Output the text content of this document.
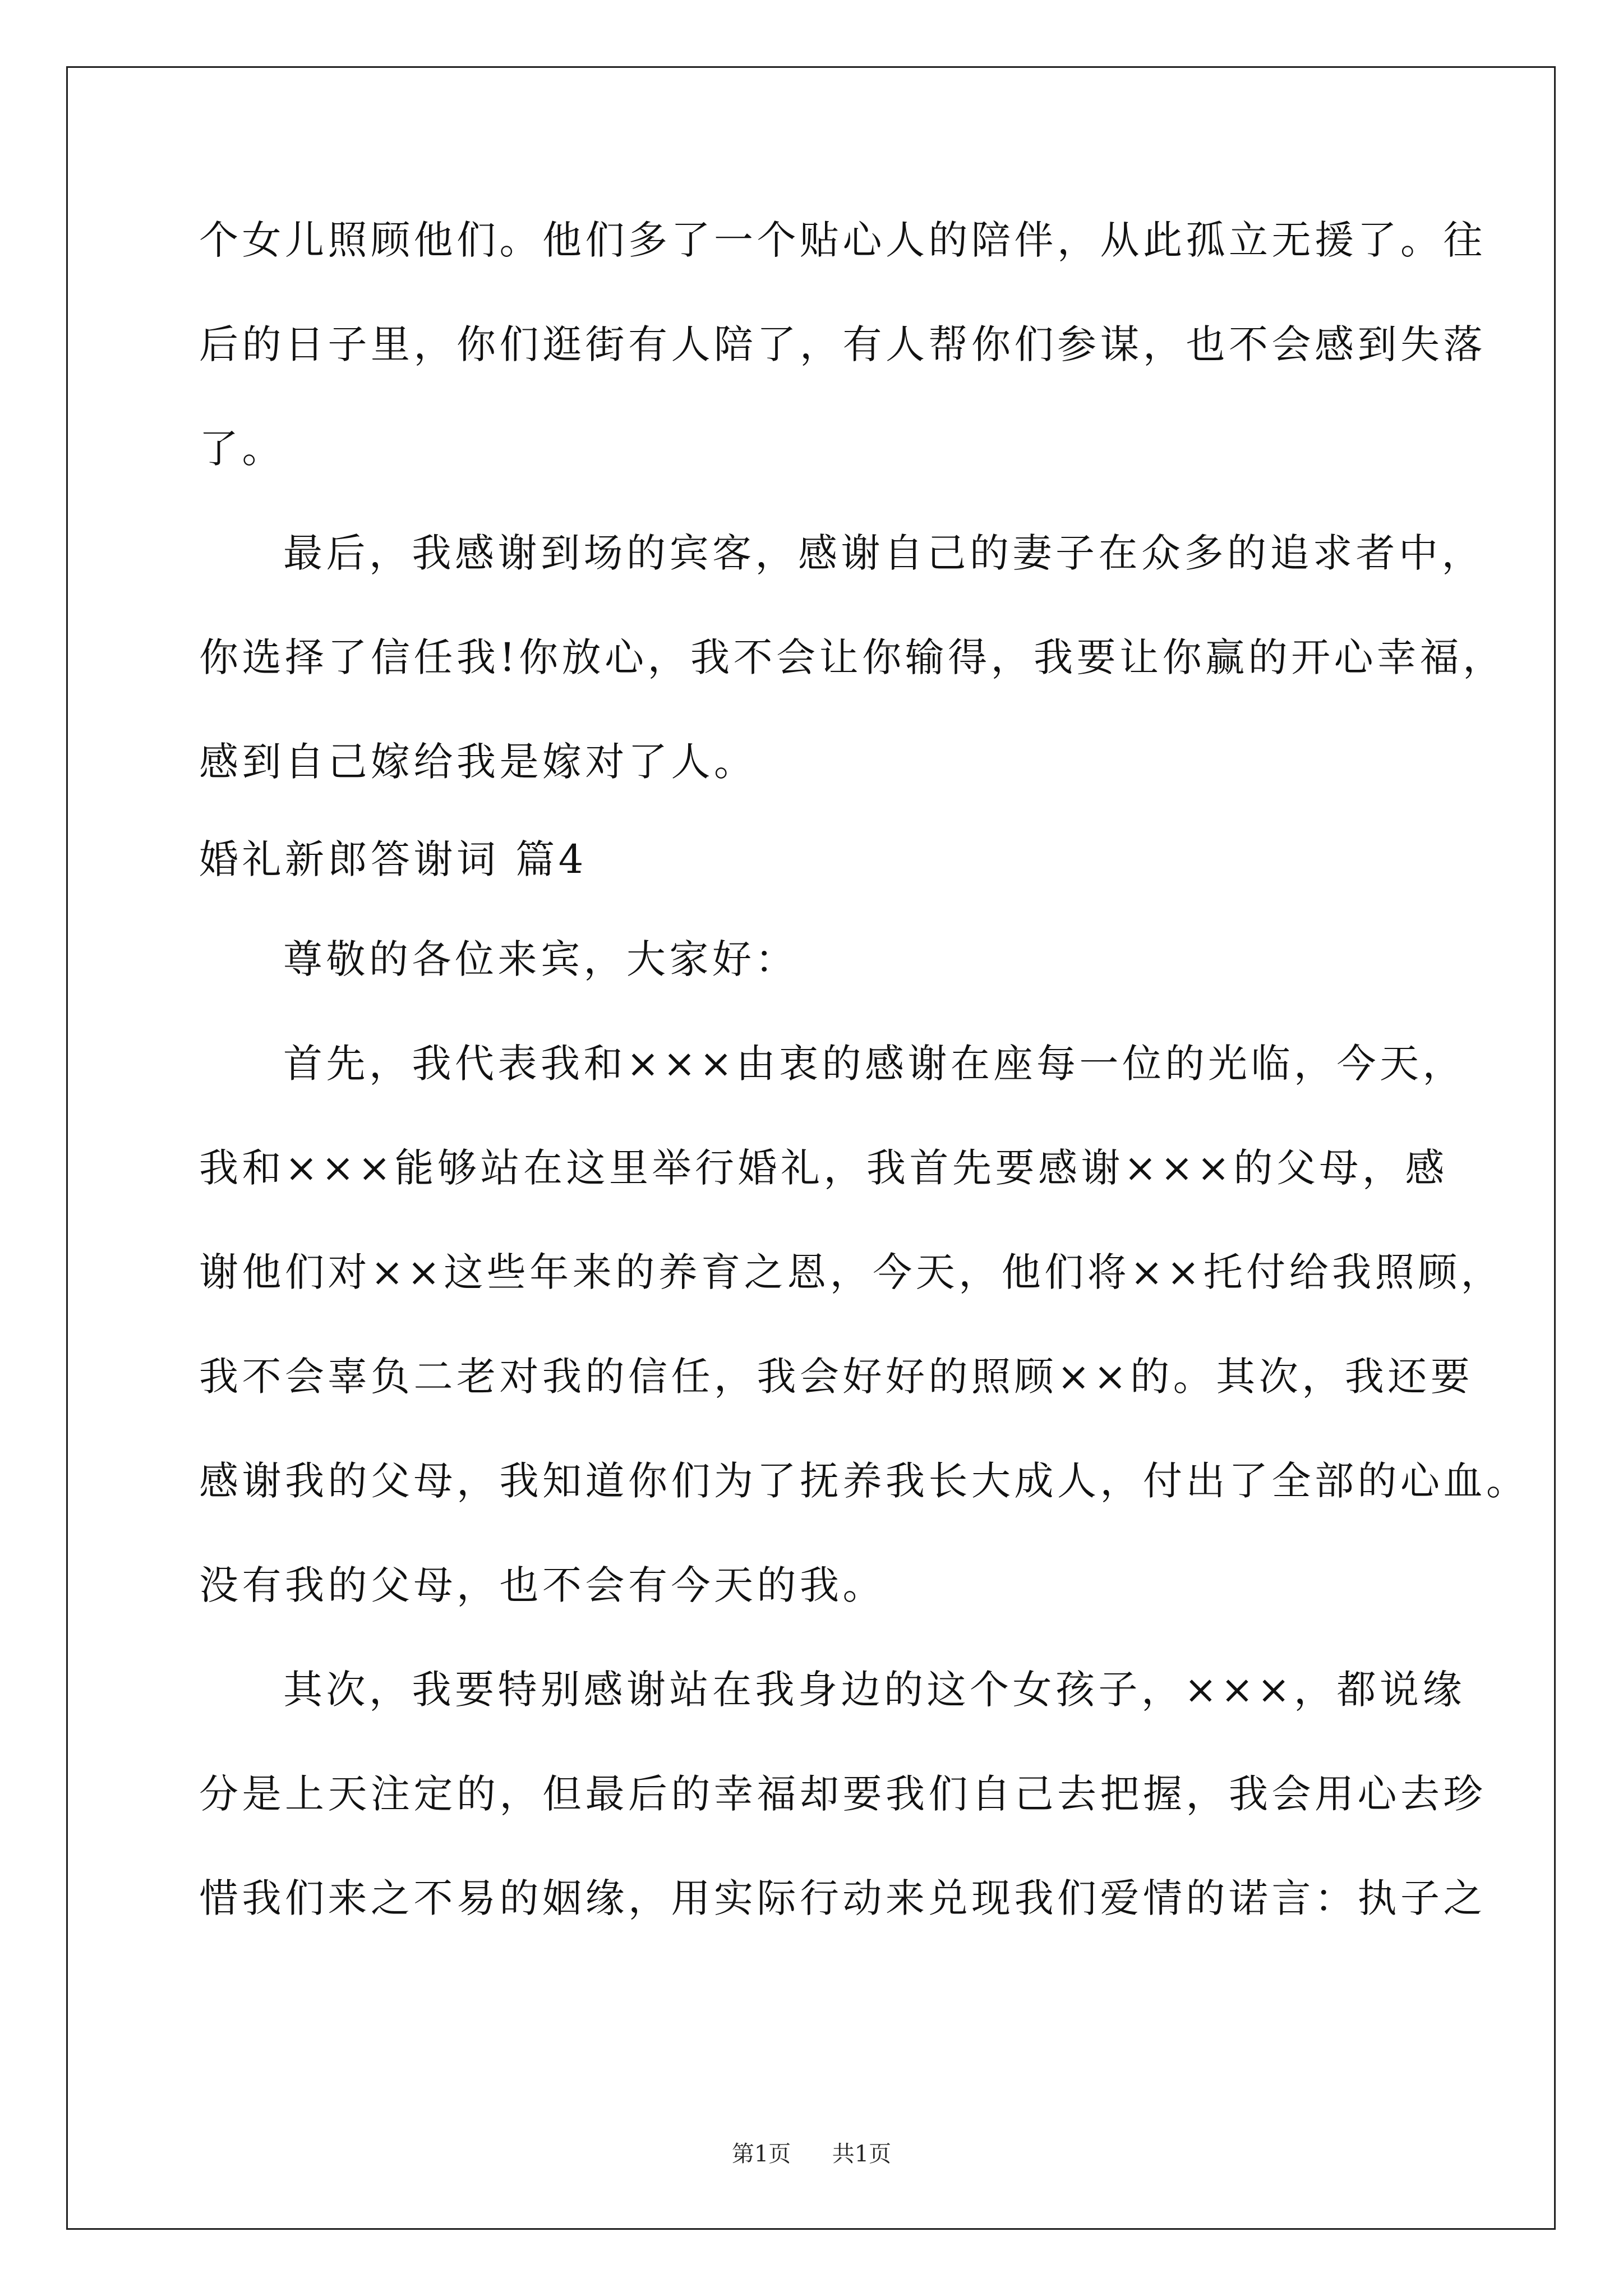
个女儿照顾他们。他们多了一个贴心人的陪伴，从此孤立无援了。往
后的日子里，你们逛街有人陪了，有人帮你们参谋，也不会感到失落
了。
最后，我感谢到场的宾客，感谢自己的妻子在众多的追求者中，
你选择了信任我!你放心，我不会让你输得，我要让你赢的开心幸福，
感到自己嫁给我是嫁对了人。
婚礼新郎答谢词 篇4
尊敬的各位来宾，大家好：
首先，我代表我和×××由衷的感谢在座每一位的光临，今天，
我和×××能够站在这里举行婚礼，我首先要感谢×××的父母，感
谢他们对××这些年来的养育之恩，今天，他们将××托付给我照顾，
我不会辜负二老对我的信任，我会好好的照顾××的。其次，我还要
感谢我的父母，我知道你们为了抚养我长大成人，付出了全部的心血。
没有我的父母，也不会有今天的我。
其次，我要特别感谢站在我身边的这个女孩子，×××，都说缘
分是上天注定的，但最后的幸福却要我们自己去把握，我会用心去珍
惜我们来之不易的姻缘，用实际行动来兑现我们爱情的诺言：执子之
第1页 共1页
